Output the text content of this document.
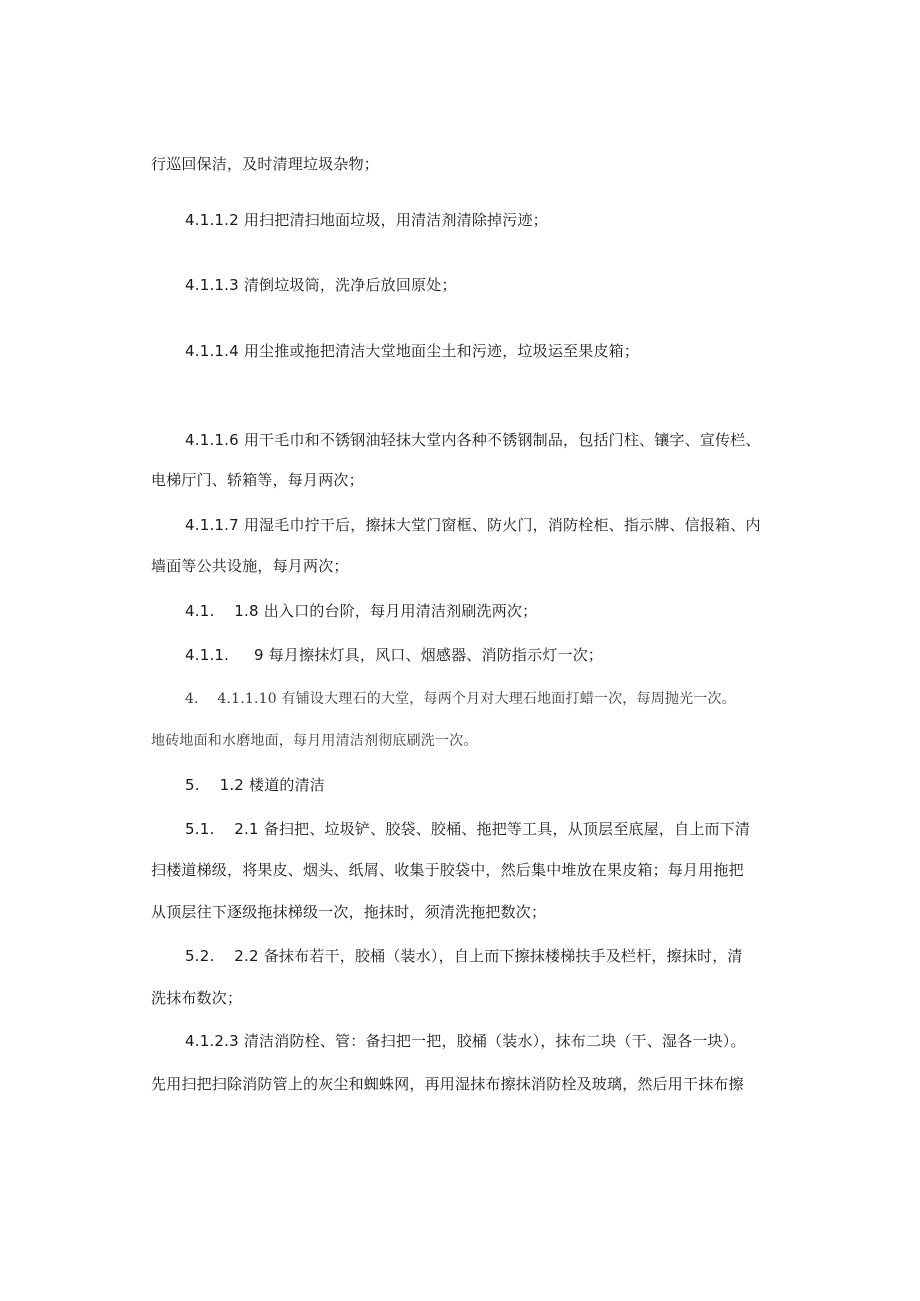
行巡回保洁，及时清理垃圾杂物；
4.1.1.2 用扫把清扫地面垃圾，用清洁剂清除掉污迹；
4.1.1.3 清倒垃圾筒，洗净后放回原处；
4.1.1.4 用尘推或拖把清洁大堂地面尘土和污迹，垃圾运至果皮箱；
4.1.1.6 用干毛巾和不锈钢油轻抹大堂内各种不锈钢制品，包括门柱、镶字、宣传栏、
电梯厅门、轿箱等，每月两次；
4.1.1.7 用湿毛巾拧干后，擦抹大堂门窗框、防火门，消防栓柜、指示牌、信报箱、内
墙面等公共设施，每月两次；
4.1.    1.8 出入口的台阶，每月用清洁剂刷洗两次；
4.1.1.     9 每月擦抹灯具，风口、烟感器、消防指示灯一次；
4.    4.1.1.10 有铺设大理石的大堂，每两个月对大理石地面打蜡一次，每周抛光一次。
地砖地面和水磨地面，每月用清洁剂彻底刷洗一次。
5.    1.2 楼道的清洁
5.1.    2.1 备扫把、垃圾铲、胶袋、胶桶、拖把等工具，从顶层至底屋，自上而下清
扫楼道梯级，将果皮、烟头、纸屑、收集于胶袋中，然后集中堆放在果皮箱；每月用拖把
从顶层往下逐级拖抹梯级一次，拖抹时，须清洗拖把数次；
5.2.    2.2 备抹布若干，胶桶（装水），自上而下擦抹楼梯扶手及栏杆，擦抹时，清
洗抹布数次；
4.1.2.3 清洁消防栓、管：备扫把一把，胶桶（装水），抹布二块（干、湿各一块）。
先用扫把扫除消防管上的灰尘和蜘蛛网，再用湿抹布擦抹消防栓及玻璃，然后用干抹布擦
